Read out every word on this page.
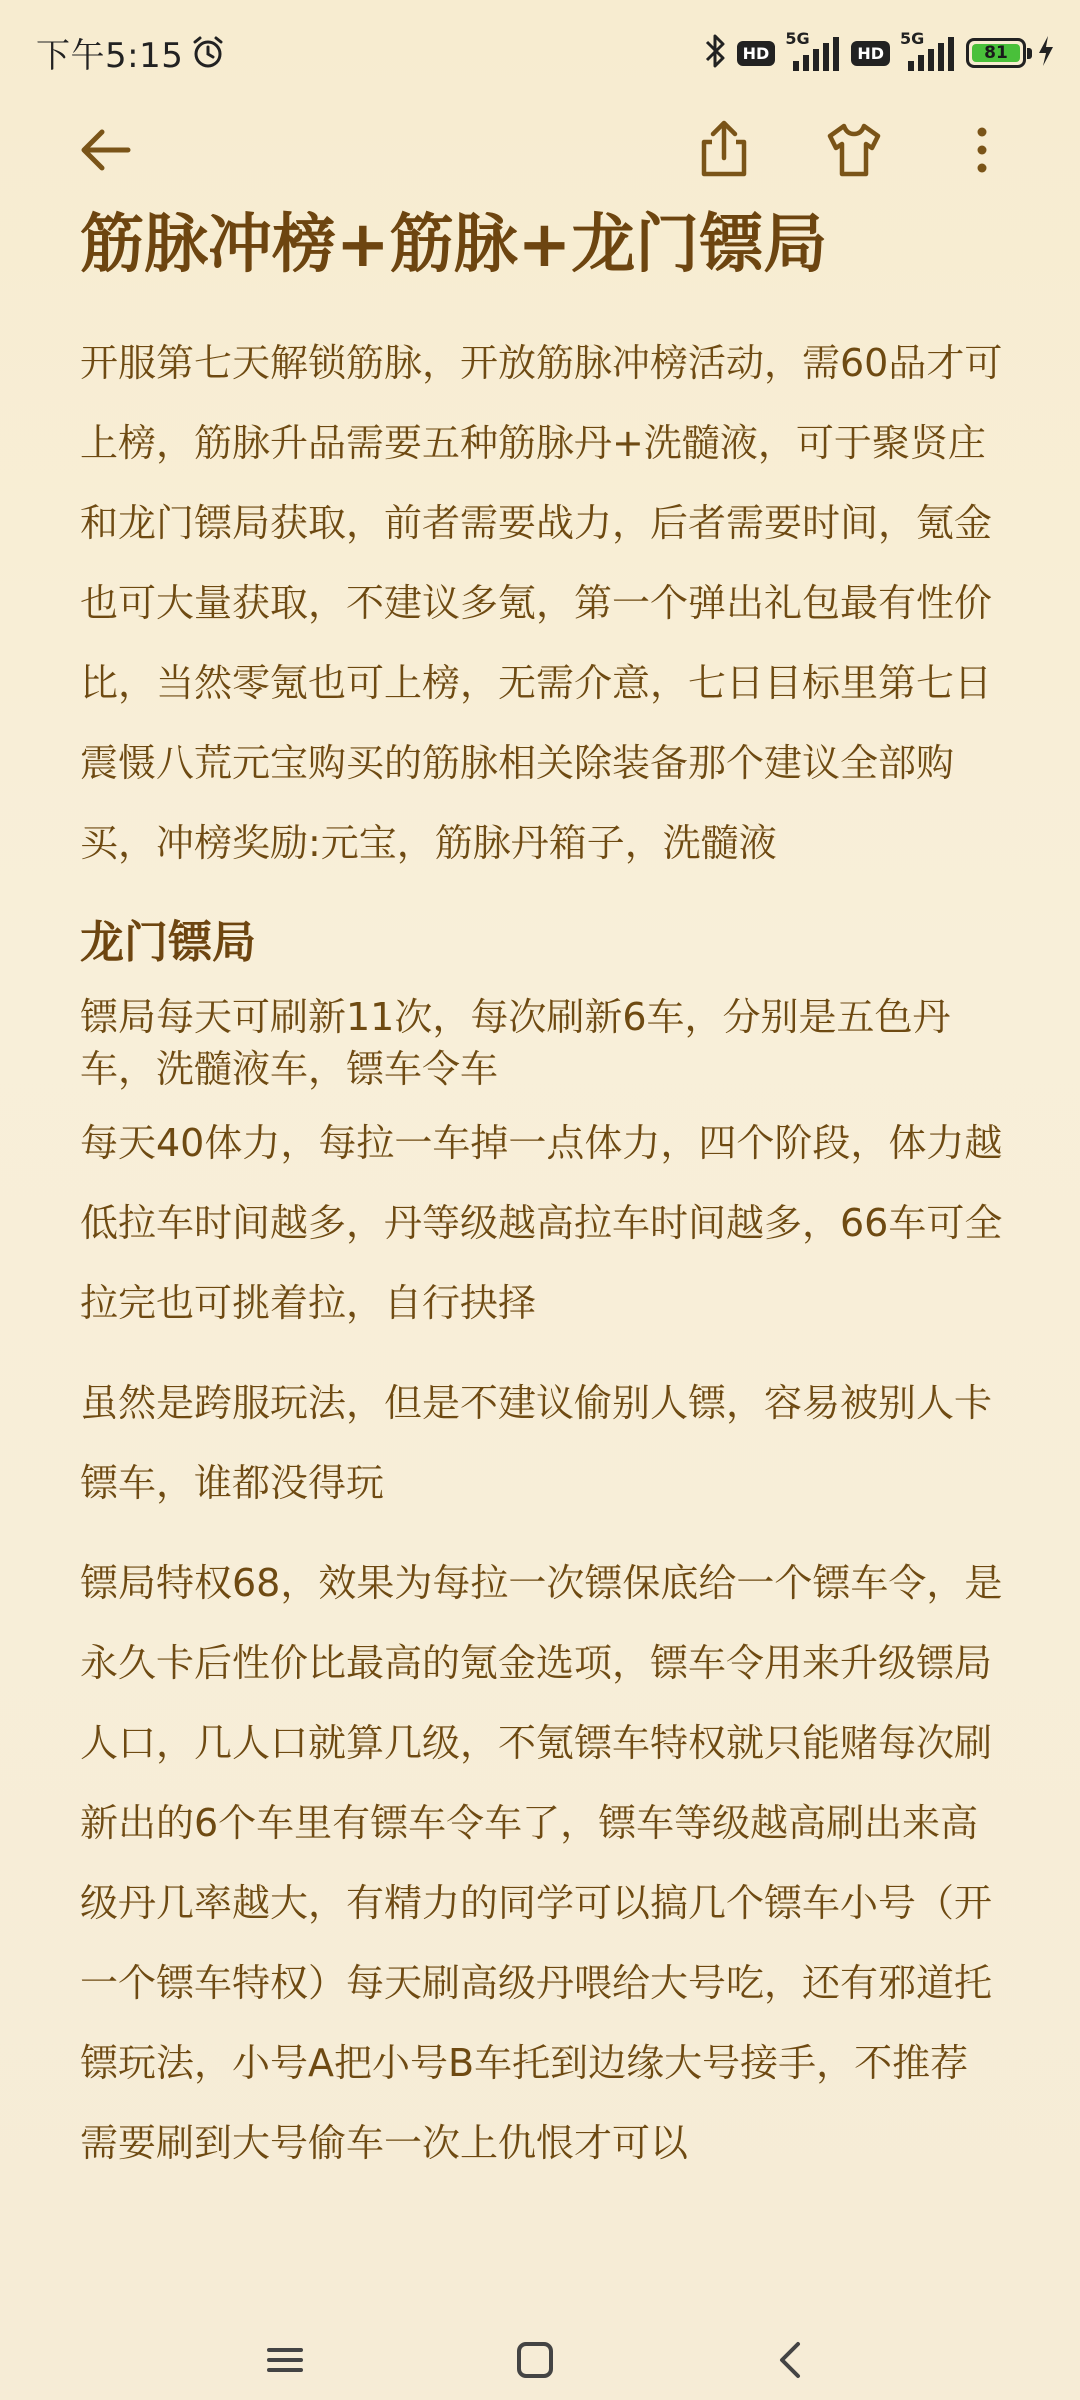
下午5:15	HD
5G
HD
5G
81
筋脉冲榜+筋脉+龙门镖局

开服第七天解锁筋脉，开放筋脉冲榜活动，需60品才可上榜，筋脉升品需要五种筋脉丹+洗髓液，可于聚贤庄和龙门镖局获取，前者需要战力，后者需要时间，氪金也可大量获取，不建议多氪，第一个弹出礼包最有性价比，当然零氪也可上榜，无需介意，七日目标里第七日震慑八荒元宝购买的筋脉相关除装备那个建议全部购买，冲榜奖励:元宝，筋脉丹箱子，洗髓液

龙门镖局

镖局每天可刷新11次，每次刷新6车，分别是五色丹车，洗髓液车，镖车令车

每天40体力，每拉一车掉一点体力，四个阶段，体力越低拉车时间越多，丹等级越高拉车时间越多，66车可全拉完也可挑着拉，自行抉择

虽然是跨服玩法，但是不建议偷别人镖，容易被别人卡镖车，谁都没得玩

镖局特权68，效果为每拉一次镖保底给一个镖车令，是永久卡后性价比最高的氪金选项，镖车令用来升级镖局人口，几人口就算几级，不氪镖车特权就只能赌每次刷新出的6个车里有镖车令车了，镖车等级越高刷出来高级丹几率越大，有精力的同学可以搞几个镖车小号（开一个镖车特权）每天刷高级丹喂给大号吃，还有邪道托镖玩法，小号A把小号B车托到边缘大号接手，不推荐 需要刷到大号偷车一次上仇恨才可以
